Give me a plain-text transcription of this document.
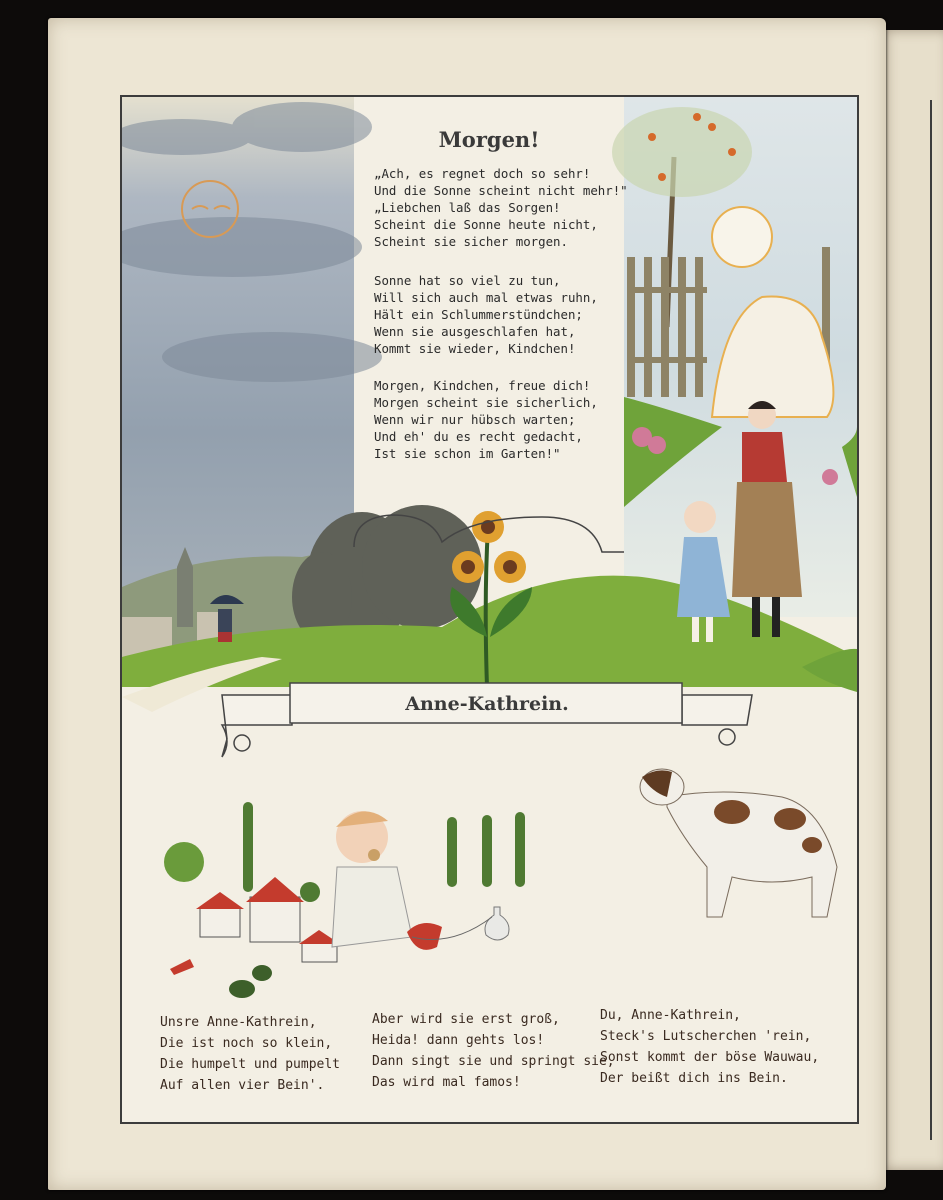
Morgen!
„Ach, es regnet doch so sehr!
Und die Sonne scheint nicht mehr!"
„Liebchen laß das Sorgen!
Scheint die Sonne heute nicht,
Scheint sie sicher morgen.
Sonne hat so viel zu tun,
Will sich auch mal etwas ruhn,
Hält ein Schlummerstündchen;
Wenn sie ausgeschlafen hat,
Kommt sie wieder, Kindchen!
Morgen, Kindchen, freue dich!
Morgen scheint sie sicherlich,
Wenn wir nur hübsch warten;
Und eh' du es recht gedacht,
Ist sie schon im Garten!"
Anne-Kathrein.
Unsre Anne-Kathrein,
Die ist noch so klein,
Die humpelt und pumpelt
Auf allen vier Bein'.
Aber wird sie erst groß,
Heida! dann gehts los!
Dann singt sie und springt sie,
Das wird mal famos!
Du, Anne-Kathrein,
Steck's Lutscherchen 'rein,
Sonst kommt der böse Wauwau,
Der beißt dich ins Bein.
